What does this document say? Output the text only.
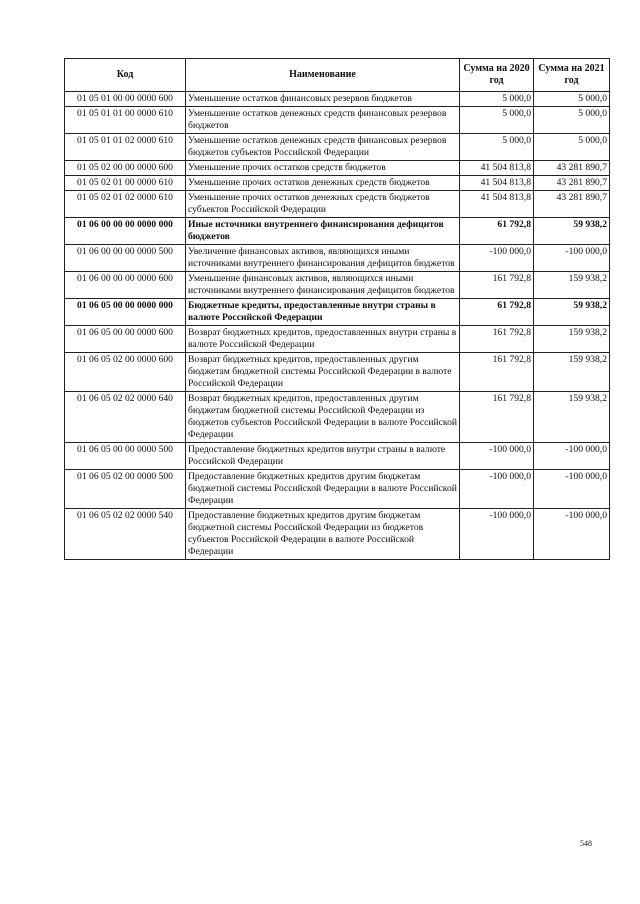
Код	Наименование	Сумма на 2020 год	Сумма на 2021 год
01 05 01 00 00 0000 600	Уменьшение остатков финансовых резервов бюджетов	5 000,0	5 000,0
01 05 01 01 00 0000 610	Уменьшение остатков денежных средств финансовых резервов бюджетов	5 000,0	5 000,0
01 05 01 01 02 0000 610	Уменьшение остатков денежных средств финансовых резервов бюджетов субъектов Российской Федерации	5 000,0	5 000,0
01 05 02 00 00 0000 600	Уменьшение прочих остатков средств бюджетов	41 504 813,8	43 281 890,7
01 05 02 01 00 0000 610	Уменьшение прочих остатков денежных средств бюджетов	41 504 813,8	43 281 890,7
01 05 02 01 02 0000 610	Уменьшение прочих остатков денежных средств бюджетов субъектов Российской Федерации	41 504 813,8	43 281 890,7
01 06 00 00 00 0000 000	Иные источники внутреннего финансирования дефицитов бюджетов	61 792,8	59 938,2
01 06 00 00 00 0000 500	Увеличение финансовых активов, являющихся иными источниками внутреннего финансирования дефицитов бюджетов	-100 000,0	-100 000,0
01 06 00 00 00 0000 600	Уменьшение финансовых активов, являющихся иными источниками внутреннего финансирования дефицитов бюджетов	161 792,8	159 938,2
01 06 05 00 00 0000 000	Бюджетные кредиты, предоставленные внутри страны в валюте Российской Федерации	61 792,8	59 938,2
01 06 05 00 00 0000 600	Возврат бюджетных кредитов, предоставленных внутри страны в валюте Российской Федерации	161 792,8	159 938,2
01 06 05 02 00 0000 600	Возврат бюджетных кредитов, предоставленных другим бюджетам бюджетной системы Российской Федерации в валюте Российской Федерации	161 792,8	159 938,2
01 06 05 02 02 0000 640	Возврат бюджетных кредитов, предоставленных другим бюджетам бюджетной системы Российской Федерации из бюджетов субъектов Российской Федерации в валюте Российской Федерации	161 792,8	159 938,2
01 06 05 00 00 0000 500	Предоставление бюджетных кредитов внутри страны в валюте Российской Федерации	-100 000,0	-100 000,0
01 06 05 02 00 0000 500	Предоставление бюджетных кредитов другим бюджетам бюджетной системы Российской Федерации в валюте Российской Федерации	-100 000,0	-100 000,0
01 06 05 02 02 0000 540	Предоставление бюджетных кредитов другим бюджетам бюджетной системы Российской Федерации из бюджетов субъектов Российской Федерации в валюте Российской Федерации	-100 000,0	-100 000,0
548
